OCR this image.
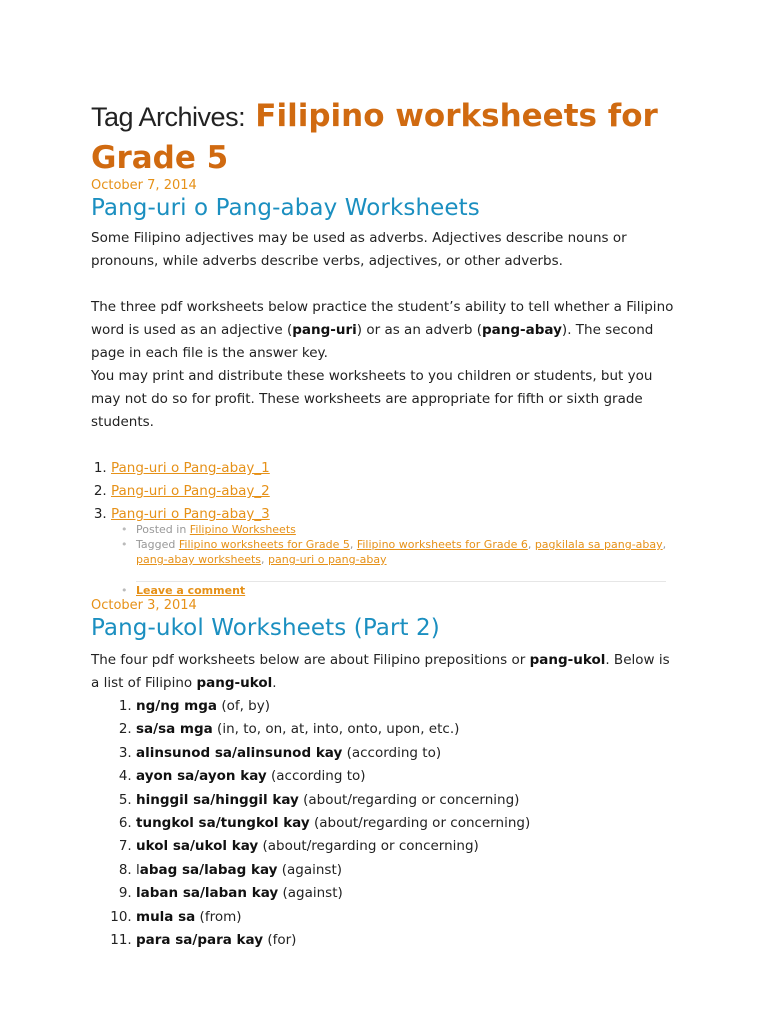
Tag Archives: Filipino worksheets for Grade 5
October 7, 2014
Pang-uri o Pang-abay Worksheets

Some Filipino adjectives may be used as adverbs. Adjectives describe nouns or pronouns, while adverbs describe verbs, adjectives, or other adverbs.

The three pdf worksheets below practice the student’s ability to tell whether a Filipino word is used as an adjective (pang-uri) or as an adverb (pang-abay). The second page in each file is the answer key.

You may print and distribute these worksheets to you children or students, but you may not do so for profit. These worksheets are appropriate for fifth or sixth grade students.

1. Pang-uri o Pang-abay_1
2. Pang-uri o Pang-abay_2
3. Pang-uri o Pang-abay_3
• Posted in Filipino Worksheets
• Tagged Filipino worksheets for Grade 5, Filipino worksheets for Grade 6, pagkilala sa pang-abay, pang-abay worksheets, pang-uri o pang-abay
• Leave a comment
October 3, 2014
Pang-ukol Worksheets (Part 2)

The four pdf worksheets below are about Filipino prepositions or pang-ukol. Below is a list of Filipino pang-ukol.

1. ng/ng mga (of, by)
2. sa/sa mga (in, to, on, at, into, onto, upon, etc.)
3. alinsunod sa/alinsunod kay (according to)
4. ayon sa/ayon kay (according to)
5. hinggil sa/hinggil kay (about/regarding or concerning)
6. tungkol sa/tungkol kay (about/regarding or concerning)
7. ukol sa/ukol kay (about/regarding or concerning)
8. labag sa/labag kay (against)
9. laban sa/laban kay (against)
10. mula sa (from)
11. para sa/para kay (for)
